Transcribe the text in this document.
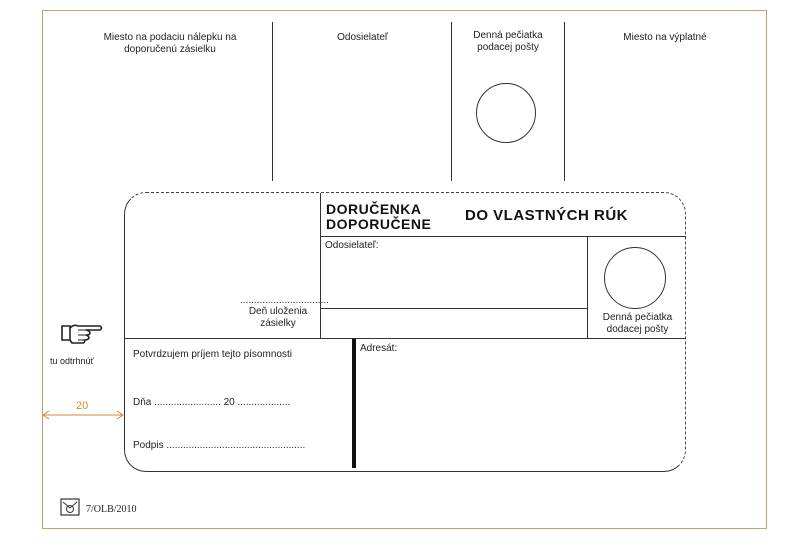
Miesto na podaciu nálepku na doporučenú zásielku
Odosielateľ	Denná pečiatka podacej pošty
Miesto na výplatné
DORUČENKA
DOPORUČENE DO VLASTNÝCH RÚK
Odosielateľ:
................................
Deň uloženia zásielky
Denná pečiatka dodacej pošty
Potvrdzujem príjem tejto písomnosti
Dňa ........................ 20 ...................
Podpis ..................................................
Adresát:
tu odtrhnúť
20
7/OLB/2010
